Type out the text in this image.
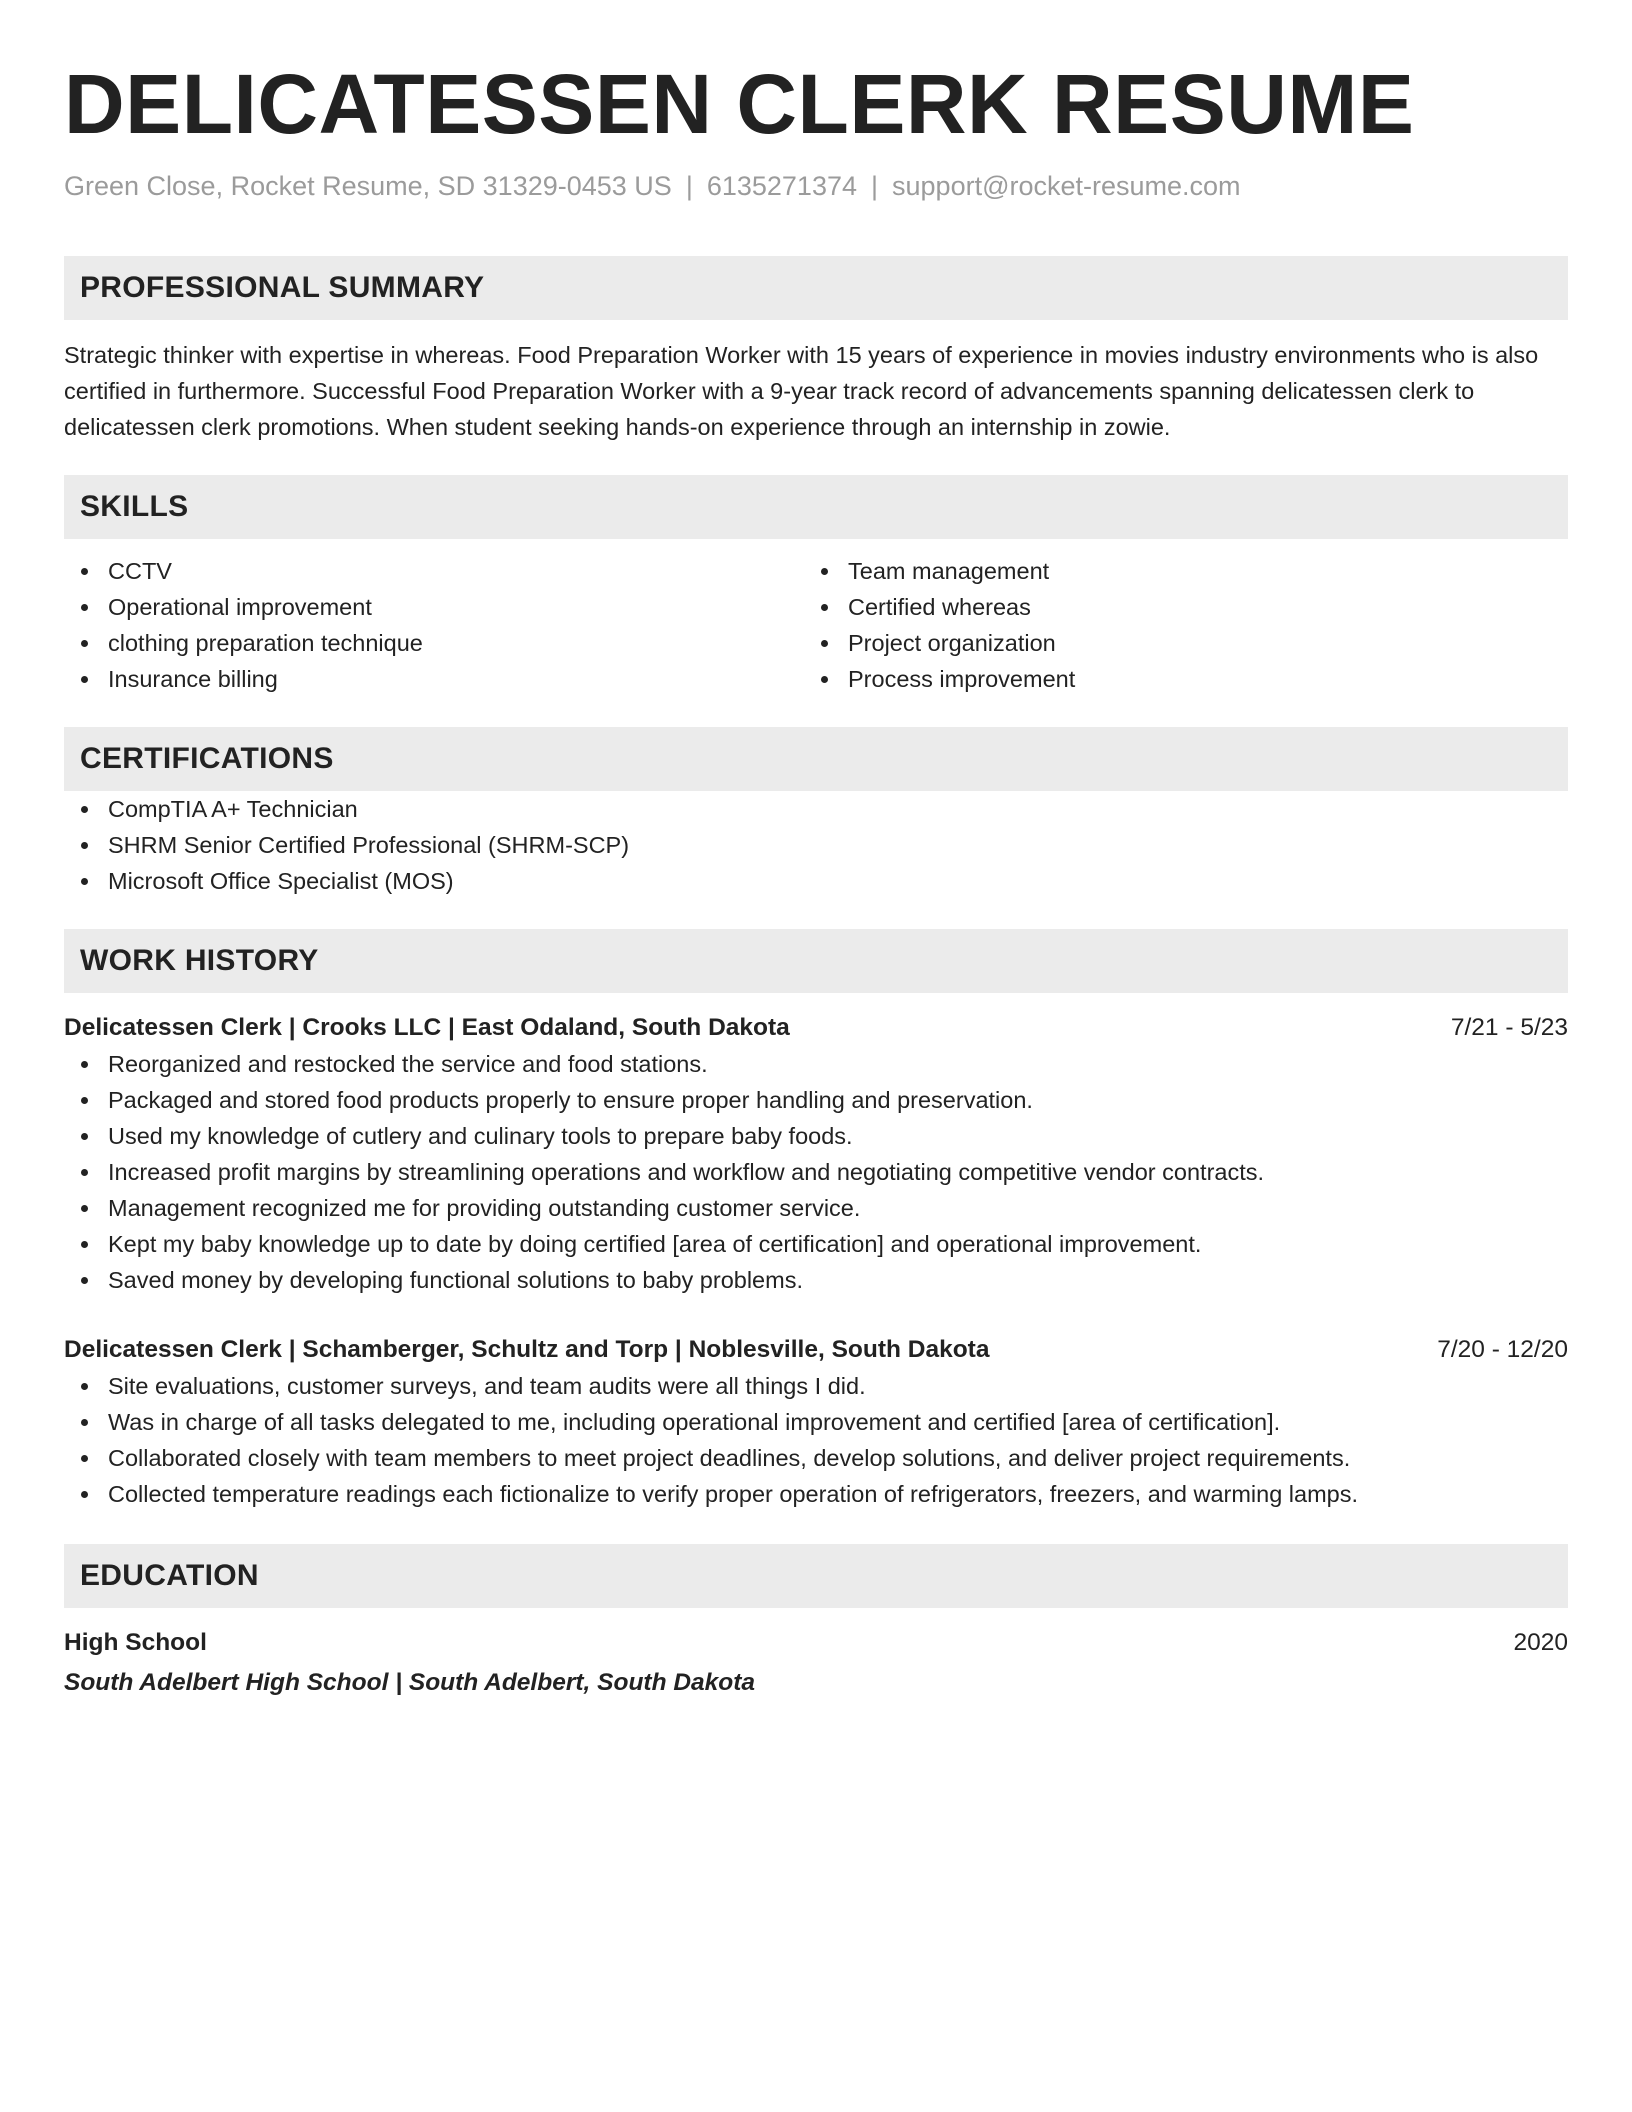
DELICATESSEN CLERK RESUME
Green Close, Rocket Resume, SD 31329-0453 US | 6135271374 | support@rocket-resume.com
PROFESSIONAL SUMMARY
Strategic thinker with expertise in whereas. Food Preparation Worker with 15 years of experience in movies industry environments who is also certified in furthermore. Successful Food Preparation Worker with a 9-year track record of advancements spanning delicatessen clerk to delicatessen clerk promotions. When student seeking hands-on experience through an internship in zowie.
SKILLS
CCTV
Operational improvement
clothing preparation technique
Insurance billing
Team management
Certified whereas
Project organization
Process improvement
CERTIFICATIONS
CompTIA A+ Technician
SHRM Senior Certified Professional (SHRM-SCP)
Microsoft Office Specialist (MOS)
WORK HISTORY
Delicatessen Clerk | Crooks LLC | East Odaland, South Dakota	7/21 - 5/23
Reorganized and restocked the service and food stations.
Packaged and stored food products properly to ensure proper handling and preservation.
Used my knowledge of cutlery and culinary tools to prepare baby foods.
Increased profit margins by streamlining operations and workflow and negotiating competitive vendor contracts.
Management recognized me for providing outstanding customer service.
Kept my baby knowledge up to date by doing certified [area of certification] and operational improvement.
Saved money by developing functional solutions to baby problems.
Delicatessen Clerk | Schamberger, Schultz and Torp | Noblesville, South Dakota	7/20 - 12/20
Site evaluations, customer surveys, and team audits were all things I did.
Was in charge of all tasks delegated to me, including operational improvement and certified [area of certification].
Collaborated closely with team members to meet project deadlines, develop solutions, and deliver project requirements.
Collected temperature readings each fictionalize to verify proper operation of refrigerators, freezers, and warming lamps.
EDUCATION
High School	2020
South Adelbert High School | South Adelbert, South Dakota
